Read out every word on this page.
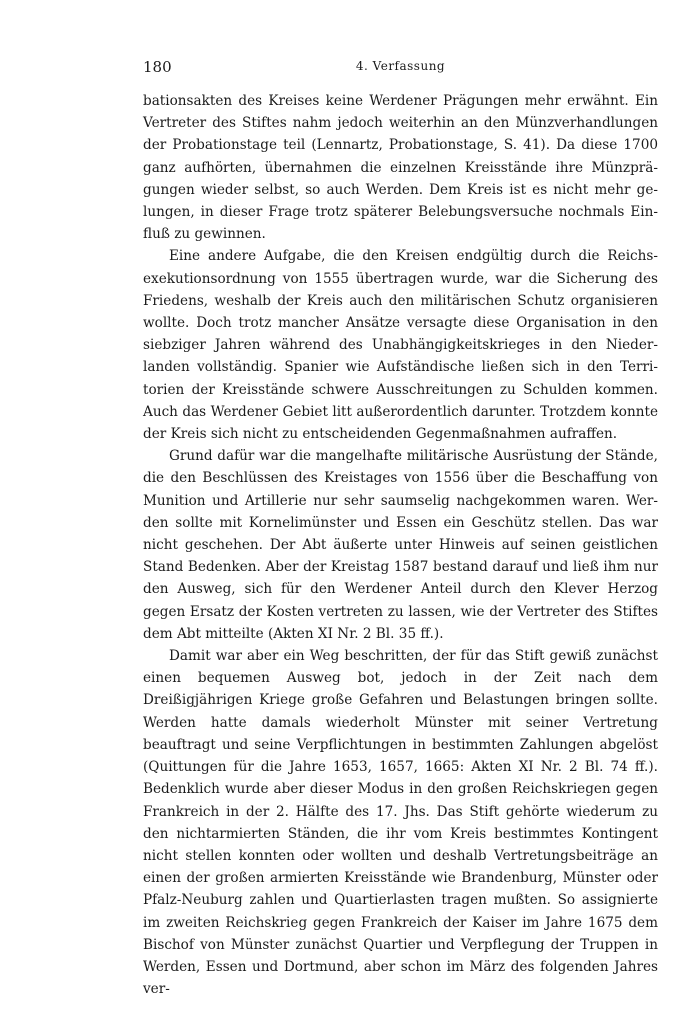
180	4. Verfassung

bationsakten des Kreises keine Werdener Prägungen mehr erwähnt. Ein Vertreter des Stiftes nahm jedoch weiterhin an den Münzverhandlungen der Probationstage teil (Lennartz, Probationstage, S. 41). Da diese 1700 ganz aufhörten, übernahmen die einzelnen Kreisstände ihre Münzprägungen wieder selbst, so auch Werden. Dem Kreis ist es nicht mehr gelungen, in dieser Frage trotz späterer Belebungsversuche nochmals Einfluß zu gewinnen.

Eine andere Aufgabe, die den Kreisen endgültig durch die Reichsexekutionsordnung von 1555 übertragen wurde, war die Sicherung des Friedens, weshalb der Kreis auch den militärischen Schutz organisieren wollte. Doch trotz mancher Ansätze versagte diese Organisation in den siebziger Jahren während des Unabhängigkeitskrieges in den Niederlanden vollständig. Spanier wie Aufständische ließen sich in den Territorien der Kreisstände schwere Ausschreitungen zu Schulden kommen. Auch das Werdener Gebiet litt außerordentlich darunter. Trotzdem konnte der Kreis sich nicht zu entscheidenden Gegenmaßnahmen aufraffen.

Grund dafür war die mangelhafte militärische Ausrüstung der Stände, die den Beschlüssen des Kreistages von 1556 über die Beschaffung von Munition und Artillerie nur sehr saumselig nachgekommen waren. Werden sollte mit Kornelimünster und Essen ein Geschütz stellen. Das war nicht geschehen. Der Abt äußerte unter Hinweis auf seinen geistlichen Stand Bedenken. Aber der Kreistag 1587 bestand darauf und ließ ihm nur den Ausweg, sich für den Werdener Anteil durch den Klever Herzog gegen Ersatz der Kosten vertreten zu lassen, wie der Vertreter des Stiftes dem Abt mitteilte (Akten XI Nr. 2 Bl. 35 ff.).

Damit war aber ein Weg beschritten, der für das Stift gewiß zunächst einen bequemen Ausweg bot, jedoch in der Zeit nach dem Dreißigjährigen Kriege große Gefahren und Belastungen bringen sollte. Werden hatte damals wiederholt Münster mit seiner Vertretung beauftragt und seine Verpflichtungen in bestimmten Zahlungen abgelöst (Quittungen für die Jahre 1653, 1657, 1665: Akten XI Nr. 2 Bl. 74 ff.). Bedenklich wurde aber dieser Modus in den großen Reichskriegen gegen Frankreich in der 2. Hälfte des 17. Jhs. Das Stift gehörte wiederum zu den nichtarmierten Ständen, die ihr vom Kreis bestimmtes Kontingent nicht stellen konnten oder wollten und deshalb Vertretungsbeiträge an einen der großen armierten Kreisstände wie Brandenburg, Münster oder Pfalz-Neuburg zahlen und Quartierlasten tragen mußten. So assignierte im zweiten Reichskrieg gegen Frankreich der Kaiser im Jahre 1675 dem Bischof von Münster zunächst Quartier und Verpflegung der Truppen in Werden, Essen und Dortmund, aber schon im März des folgenden Jahres ver-
